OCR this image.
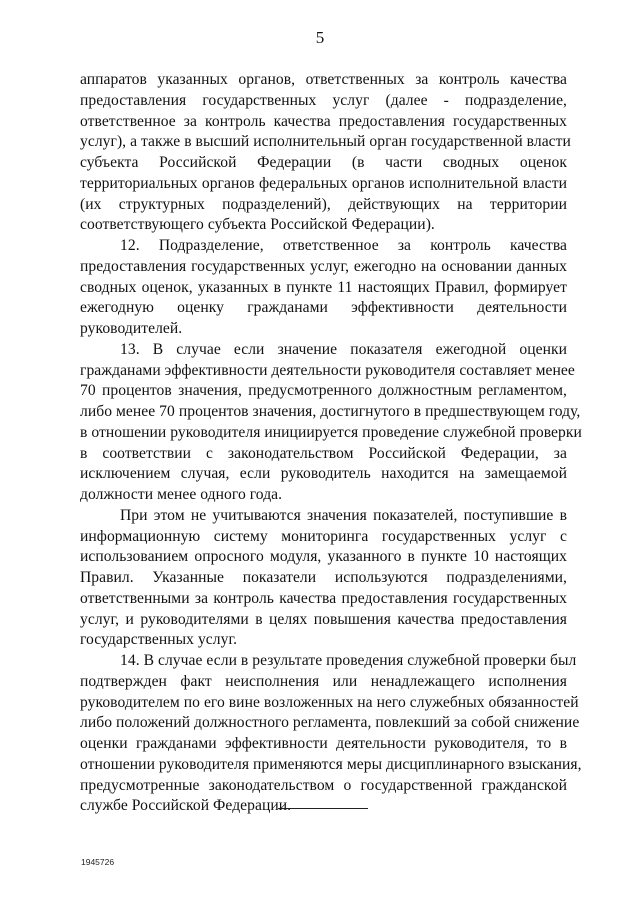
5
аппаратов указанных органов, ответственных за контроль качества
предоставления государственных услуг (далее - подразделение,
ответственное за контроль качества предоставления государственных
услуг), а также в высший исполнительный орган государственной власти
субъекта Российской Федерации (в части сводных оценок
территориальных органов федеральных органов исполнительной власти
(их структурных подразделений), действующих на территории
соответствующего субъекта Российской Федерации).
12. Подразделение, ответственное за контроль качества
предоставления государственных услуг, ежегодно на основании данных
сводных оценок, указанных в пункте 11 настоящих Правил, формирует
ежегодную оценку гражданами эффективности деятельности
руководителей.
13. В случае если значение показателя ежегодной оценки
гражданами эффективности деятельности руководителя составляет менее
70 процентов значения, предусмотренного должностным регламентом,
либо менее 70 процентов значения, достигнутого в предшествующем году,
в отношении руководителя инициируется проведение служебной проверки
в соответствии с законодательством Российской Федерации, за
исключением случая, если руководитель находится на замещаемой
должности менее одного года.
При этом не учитываются значения показателей, поступившие в
информационную систему мониторинга государственных услуг с
использованием опросного модуля, указанного в пункте 10 настоящих
Правил. Указанные показатели используются подразделениями,
ответственными за контроль качества предоставления государственных
услуг, и руководителями в целях повышения качества предоставления
государственных услуг.
14. В случае если в результате проведения служебной проверки был
подтвержден факт неисполнения или ненадлежащего исполнения
руководителем по его вине возложенных на него служебных обязанностей
либо положений должностного регламента, повлекший за собой снижение
оценки гражданами эффективности деятельности руководителя, то в
отношении руководителя применяются меры дисциплинарного взыскания,
предусмотренные законодательством о государственной гражданской
службе Российской Федерации.
1945726
